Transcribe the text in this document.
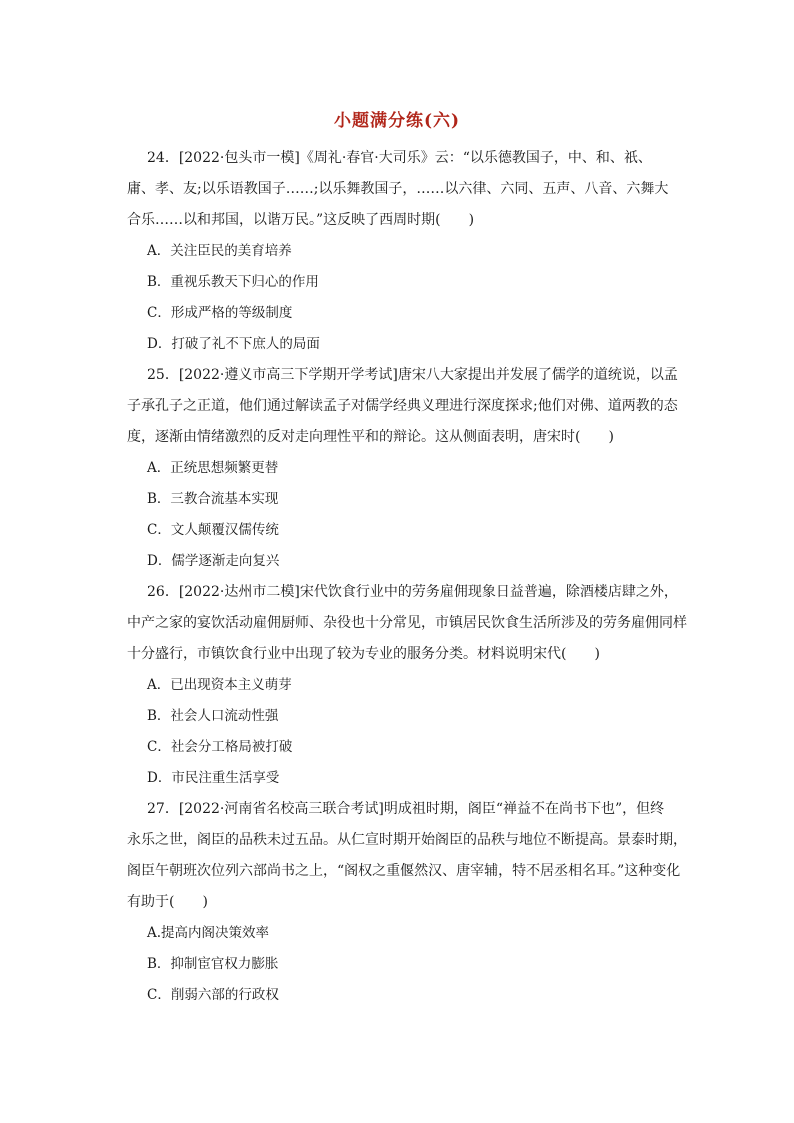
小题满分练(六)

24．[2022·包头市一模]《周礼·春官·大司乐》云：“以乐德教国子，中、和、祇、

庸、孝、友;以乐语教国子……;以乐舞教国子，……以六律、六同、五声、八音、六舞大

合乐……以和邦国，以谐万民。”这反映了西周时期(　　)

A．关注臣民的美育培养

B．重视乐教天下归心的作用

C．形成严格的等级制度

D．打破了礼不下庶人的局面

25．[2022·遵义市高三下学期开学考试]唐宋八大家提出并发展了儒学的道统说，以孟

子承孔子之正道，他们通过解读孟子对儒学经典义理进行深度探求;他们对佛、道两教的态

度，逐渐由情绪激烈的反对走向理性平和的辩论。这从侧面表明，唐宋时(　　)

A．正统思想频繁更替

B．三教合流基本实现

C．文人颠覆汉儒传统

D．儒学逐渐走向复兴

26．[2022·达州市二模]宋代饮食行业中的劳务雇佣现象日益普遍，除酒楼店肆之外，

中产之家的宴饮活动雇佣厨师、杂役也十分常见，市镇居民饮食生活所涉及的劳务雇佣同样

十分盛行，市镇饮食行业中出现了较为专业的服务分类。材料说明宋代(　　)

A．已出现资本主义萌芽

B．社会人口流动性强

C．社会分工格局被打破

D．市民注重生活享受

27．[2022·河南省名校高三联合考试]明成祖时期，阁臣“禅益不在尚书下也”，但终

永乐之世，阁臣的品秩未过五品。从仁宣时期开始阁臣的品秩与地位不断提高。景泰时期，

阁臣午朝班次位列六部尚书之上，“阁权之重偃然汉、唐宰辅，特不居丞相名耳。”这种变化

有助于(　　)

A.提高内阁决策效率

B．抑制宦官权力膨胀

C．削弱六部的行政权
